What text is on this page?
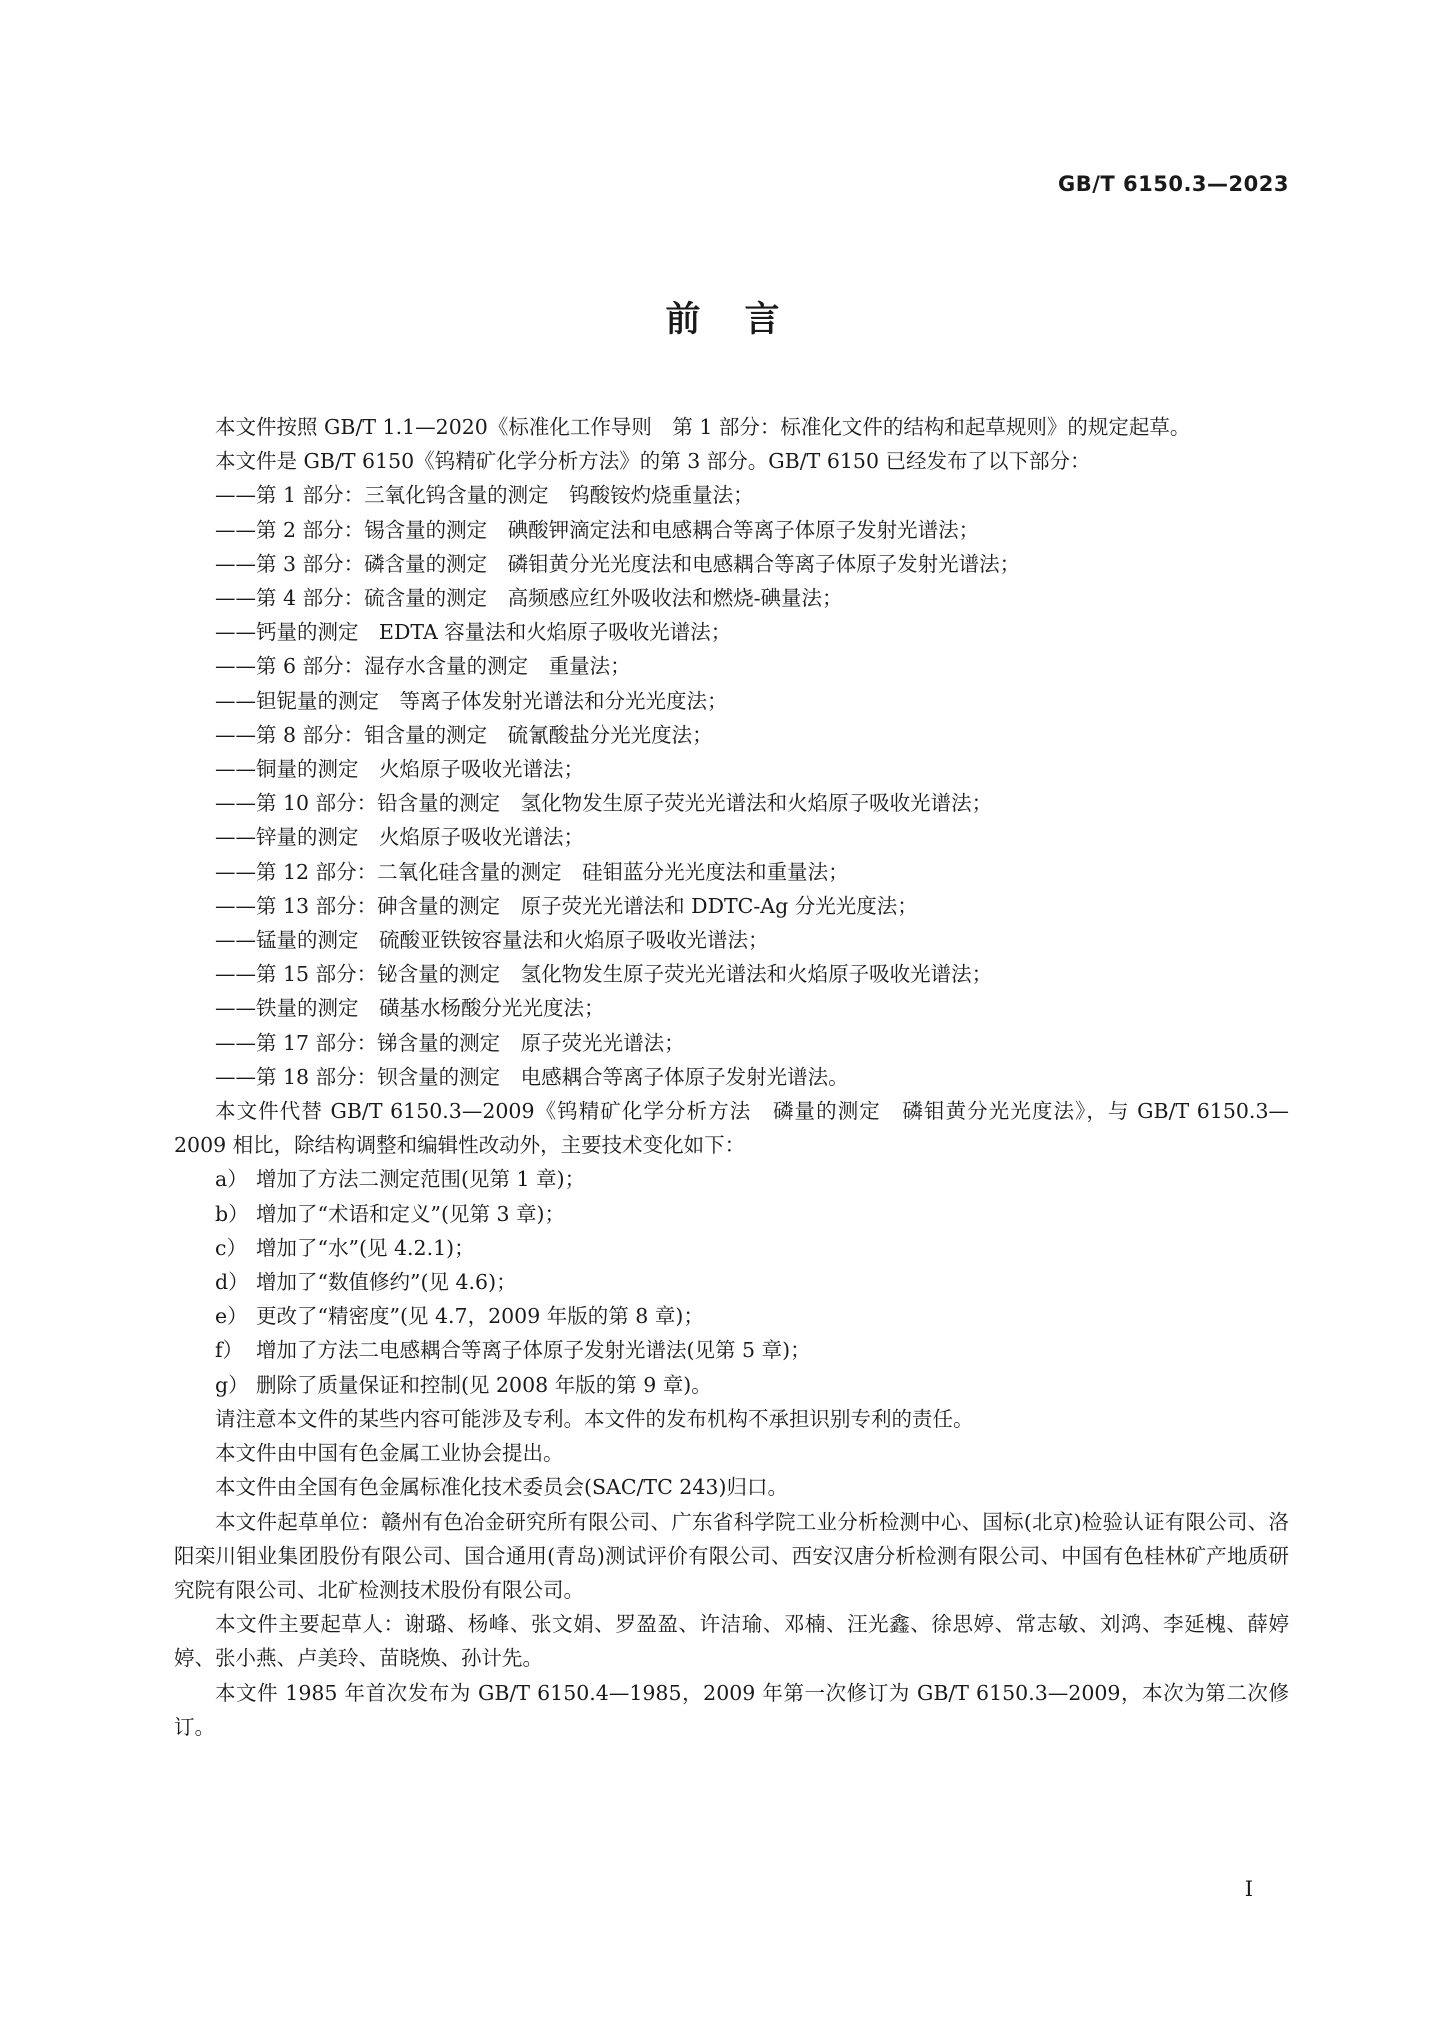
GB/T 6150.3—2023
前言

本文件按照 GB/T 1.1—2020《标准化工作导则　第 1 部分：标准化文件的结构和起草规则》的规定起草。

本文件是 GB/T 6150《钨精矿化学分析方法》的第 3 部分。GB/T 6150 已经发布了以下部分：

——第 1 部分：三氧化钨含量的测定　钨酸铵灼烧重量法；

——第 2 部分：锡含量的测定　碘酸钾滴定法和电感耦合等离子体原子发射光谱法；

——第 3 部分：磷含量的测定　磷钼黄分光光度法和电感耦合等离子体原子发射光谱法；

——第 4 部分：硫含量的测定　高频感应红外吸收法和燃烧-碘量法；

——钙量的测定　EDTA 容量法和火焰原子吸收光谱法；

——第 6 部分：湿存水含量的测定　重量法；

——钽铌量的测定　等离子体发射光谱法和分光光度法；

——第 8 部分：钼含量的测定　硫氰酸盐分光光度法；

——铜量的测定　火焰原子吸收光谱法；

——第 10 部分：铅含量的测定　氢化物发生原子荧光光谱法和火焰原子吸收光谱法；

——锌量的测定　火焰原子吸收光谱法；

——第 12 部分：二氧化硅含量的测定　硅钼蓝分光光度法和重量法；

——第 13 部分：砷含量的测定　原子荧光光谱法和 DDTC-Ag 分光光度法；

——锰量的测定　硫酸亚铁铵容量法和火焰原子吸收光谱法；

——第 15 部分：铋含量的测定　氢化物发生原子荧光光谱法和火焰原子吸收光谱法；

——铁量的测定　磺基水杨酸分光光度法；

——第 17 部分：锑含量的测定　原子荧光光谱法；

——第 18 部分：钡含量的测定　电感耦合等离子体原子发射光谱法。

本文件代替 GB/T 6150.3—2009《钨精矿化学分析方法　磷量的测定　磷钼黄分光光度法》，与 GB/T 6150.3—2009 相比，除结构调整和编辑性改动外，主要技术变化如下：

a） 增加了方法二测定范围(见第 1 章)；

b） 增加了“术语和定义”(见第 3 章)；

c） 增加了“水”(见 4.2.1)；

d） 增加了“数值修约”(见 4.6)；

e） 更改了“精密度”(见 4.7，2009 年版的第 8 章)；

f） 增加了方法二电感耦合等离子体原子发射光谱法(见第 5 章)；

g） 删除了质量保证和控制(见 2008 年版的第 9 章)。

请注意本文件的某些内容可能涉及专利。本文件的发布机构不承担识别专利的责任。

本文件由中国有色金属工业协会提出。

本文件由全国有色金属标准化技术委员会(SAC/TC 243)归口。

本文件起草单位：赣州有色冶金研究所有限公司、广东省科学院工业分析检测中心、国标(北京)检验认证有限公司、洛阳栾川钼业集团股份有限公司、国合通用(青岛)测试评价有限公司、西安汉唐分析检测有限公司、中国有色桂林矿产地质研究院有限公司、北矿检测技术股份有限公司。

本文件主要起草人：谢璐、杨峰、张文娟、罗盈盈、许洁瑜、邓楠、汪光鑫、徐思婷、常志敏、刘鸿、李延槐、薛婷婷、张小燕、卢美玲、苗晓焕、孙计先。

本文件 1985 年首次发布为 GB/T 6150.4—1985，2009 年第一次修订为 GB/T 6150.3—2009，本次为第二次修订。

I
